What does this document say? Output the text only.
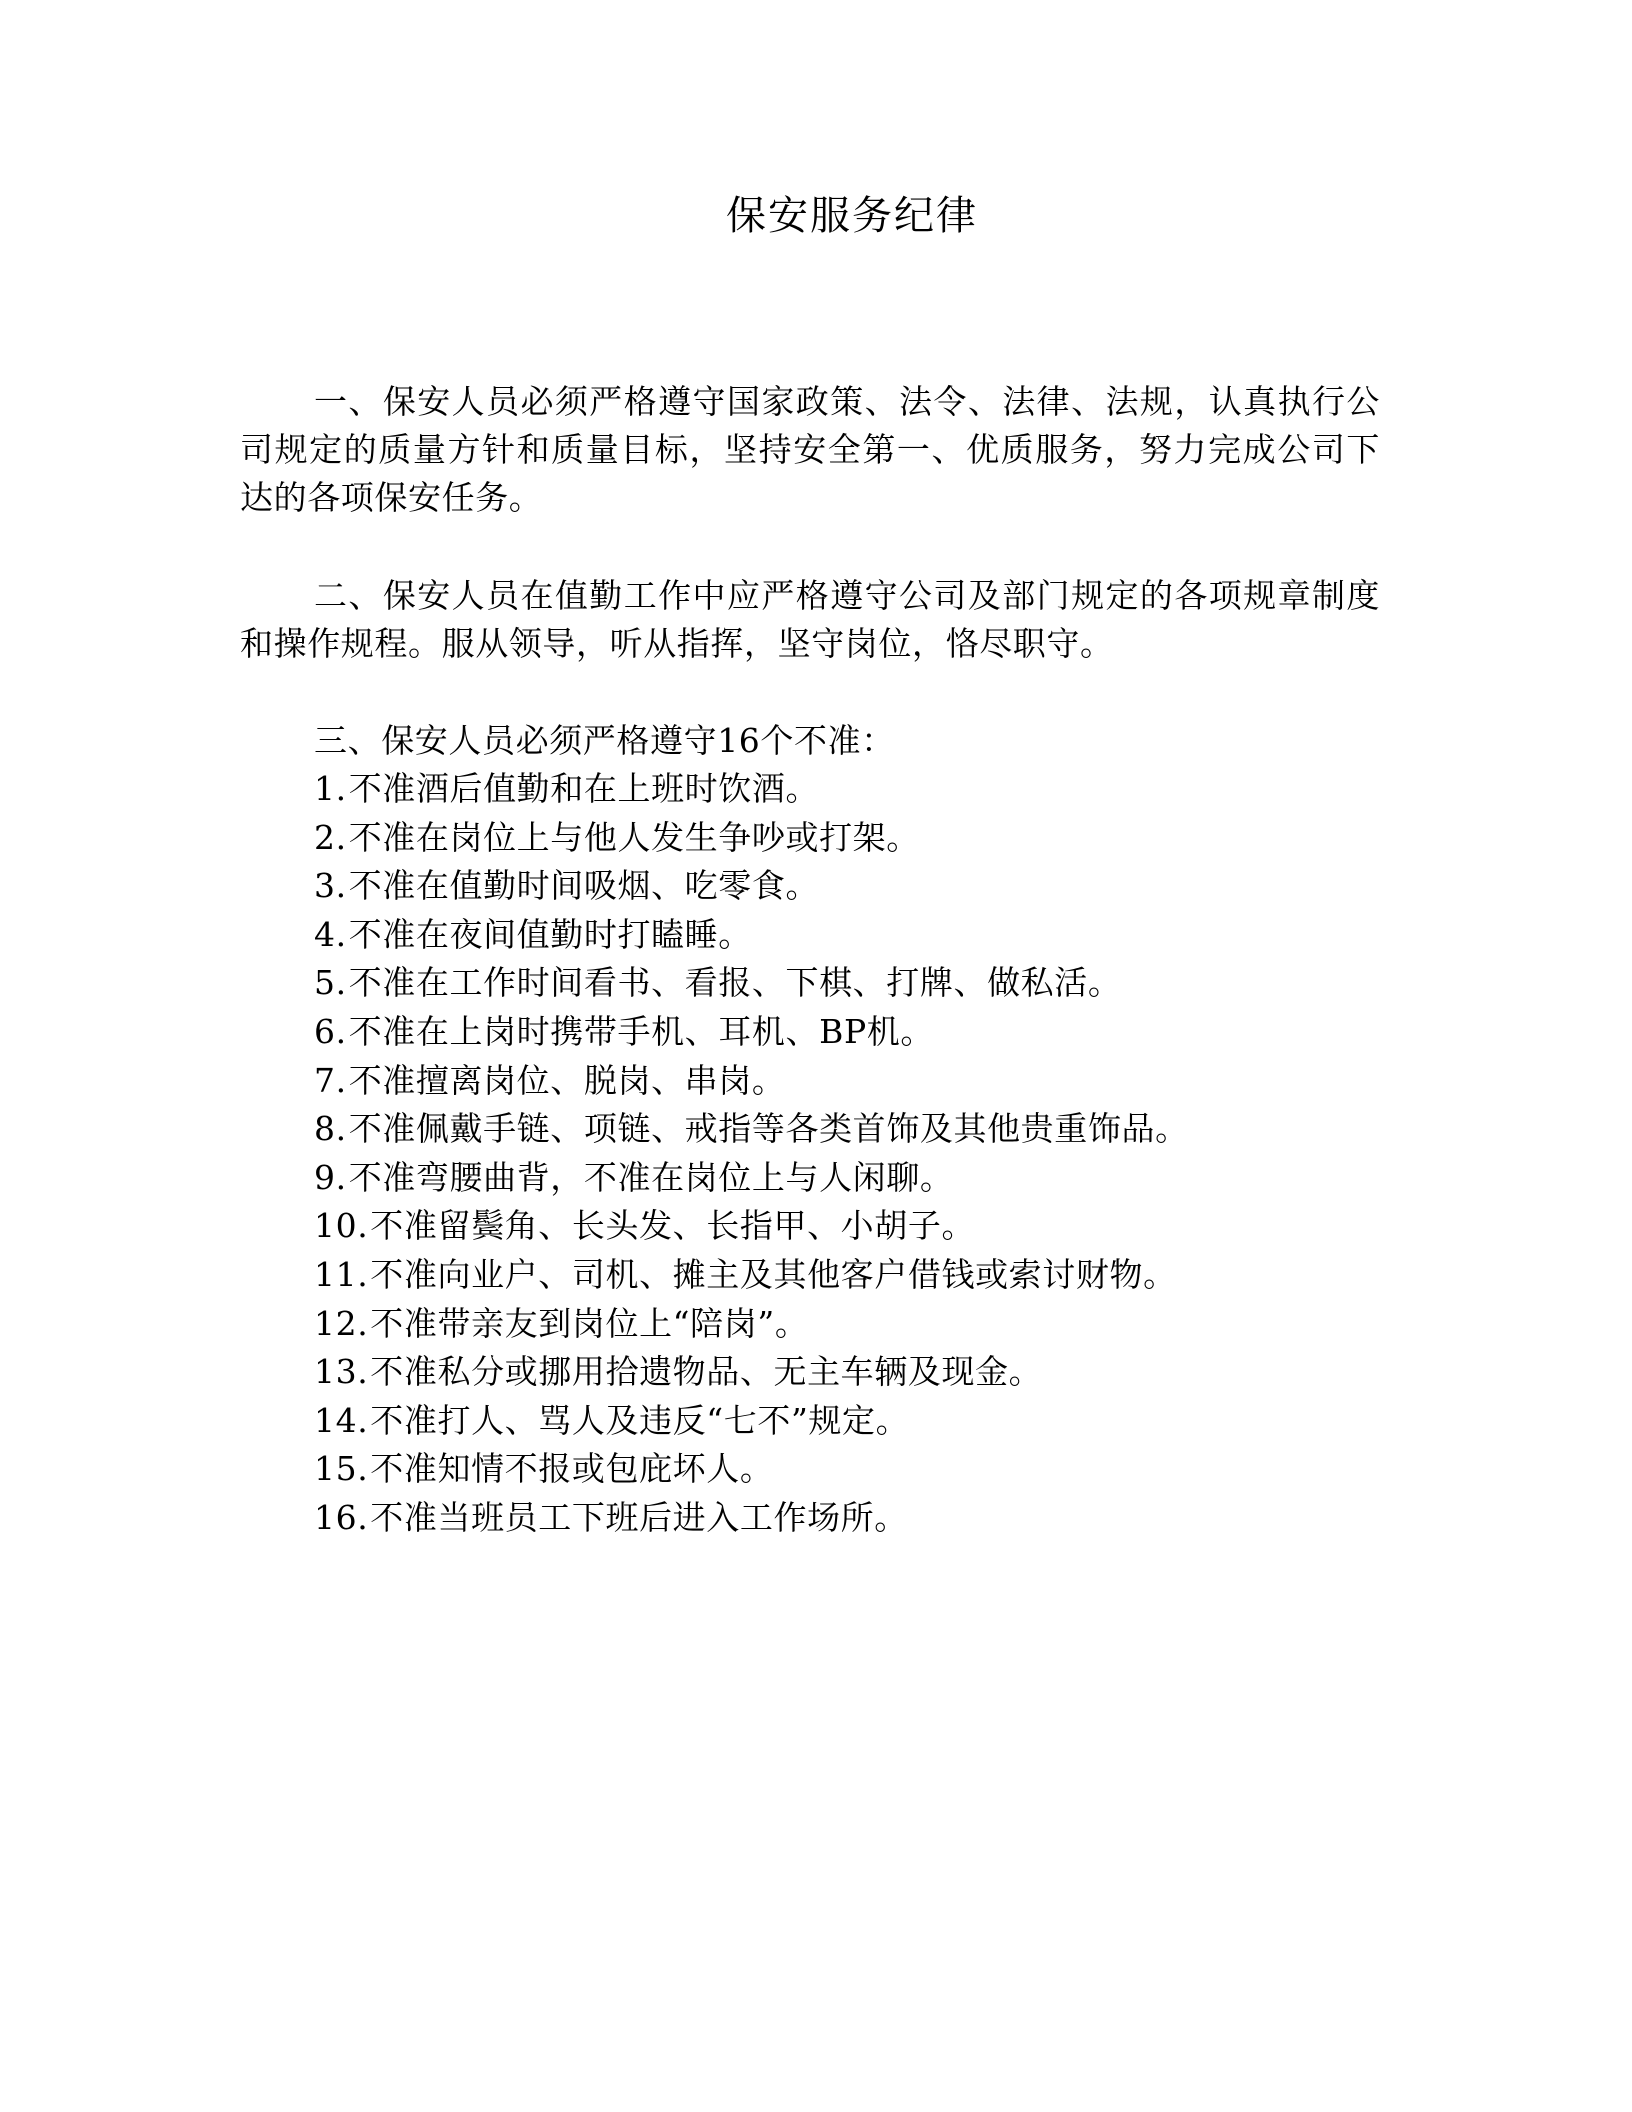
保安服务纪律

一、保安人员必须严格遵守国家政策、法令、法律、法规，认真执行公司规定的质量方针和质量目标，坚持安全第一、优质服务，努力完成公司下达的各项保安任务。

二、保安人员在值勤工作中应严格遵守公司及部门规定的各项规章制度和操作规程。服从领导，听从指挥，坚守岗位，恪尽职守。

三、保安人员必须严格遵守16个不准：

1.不准酒后值勤和在上班时饮酒。
2.不准在岗位上与他人发生争吵或打架。
3.不准在值勤时间吸烟、吃零食。
4.不准在夜间值勤时打瞌睡。
5.不准在工作时间看书、看报、下棋、打牌、做私活。
6.不准在上岗时携带手机、耳机、BP机。
7.不准擅离岗位、脱岗、串岗。
8.不准佩戴手链、项链、戒指等各类首饰及其他贵重饰品。
9.不准弯腰曲背，不准在岗位上与人闲聊。
10.不准留鬓角、长头发、长指甲、小胡子。
11.不准向业户、司机、摊主及其他客户借钱或索讨财物。
12.不准带亲友到岗位上“陪岗”。
13.不准私分或挪用拾遗物品、无主车辆及现金。
14.不准打人、骂人及违反“七不”规定。
15.不准知情不报或包庇坏人。
16.不准当班员工下班后进入工作场所。
